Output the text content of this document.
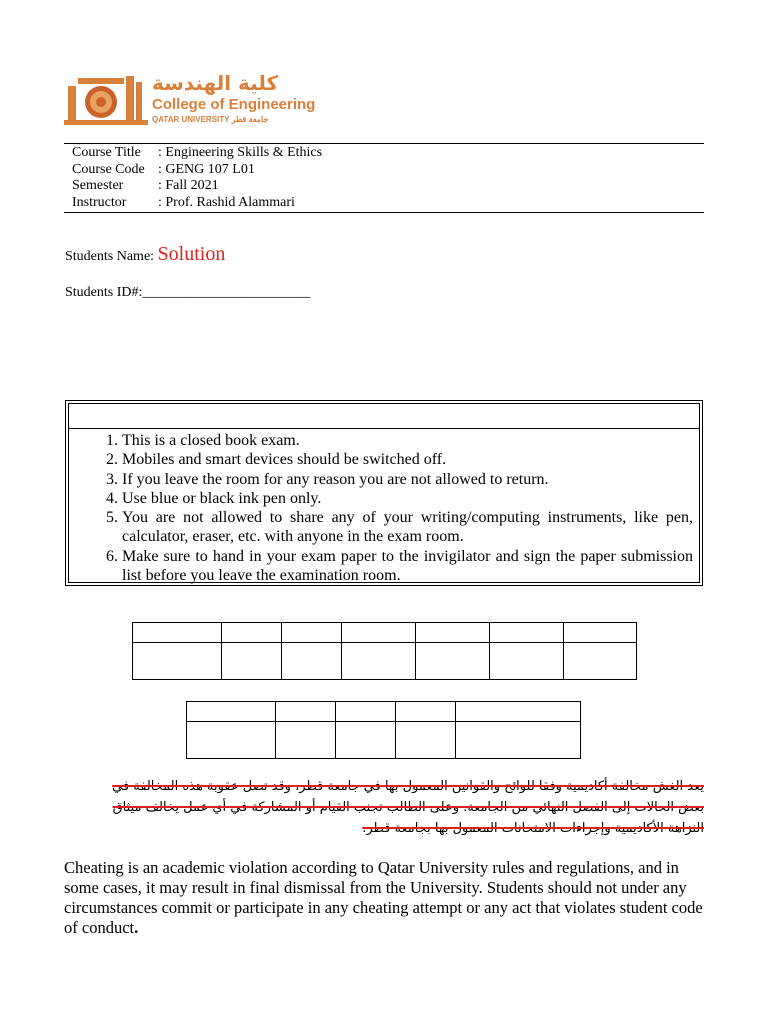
كلية الهندسة
College of Engineering
QATAR UNIVERSITY جامعة قطر
Course Title	: Engineering Skills & Ethics
Course Code : GENG 107 L01
Semester	: Fall 2021
Instructor	: Prof. Rashid Alammari
Students Name: Solution
Students ID#:________________________
1. This is a closed book exam.
2. Mobiles and smart devices should be switched off.
3. If you leave the room for any reason you are not allowed to return.
4. Use blue or black ink pen only.
5. You are not allowed to share any of your writing/computing instruments, like pen, calculator, eraser, etc. with anyone in the exam room.
6. Make sure to hand in your exam paper to the invigilator and sign the paper submission list before you leave the examination room.

يعد الغش مخالفة أكاديمية وفقا للوائح والقوانين المعمول بها في جامعة قطر، وقد تصل عقوبة هذه المخالفة في
بعض الحالات إلى الفصل النهائي من الجامعة. وعلى الطالب تجنب القيام أو المشاركة في أي عمل يخالف ميثاق
النزاهة الأكاديمية وإجراءات الامتحانات المعمول بها بجامعة قطر.
Cheating is an academic violation according to Qatar University rules and regulations, and in some cases, it may result in final dismissal from the University. Students should not under any circumstances commit or participate in any cheating attempt or any act that violates student code of conduct.
